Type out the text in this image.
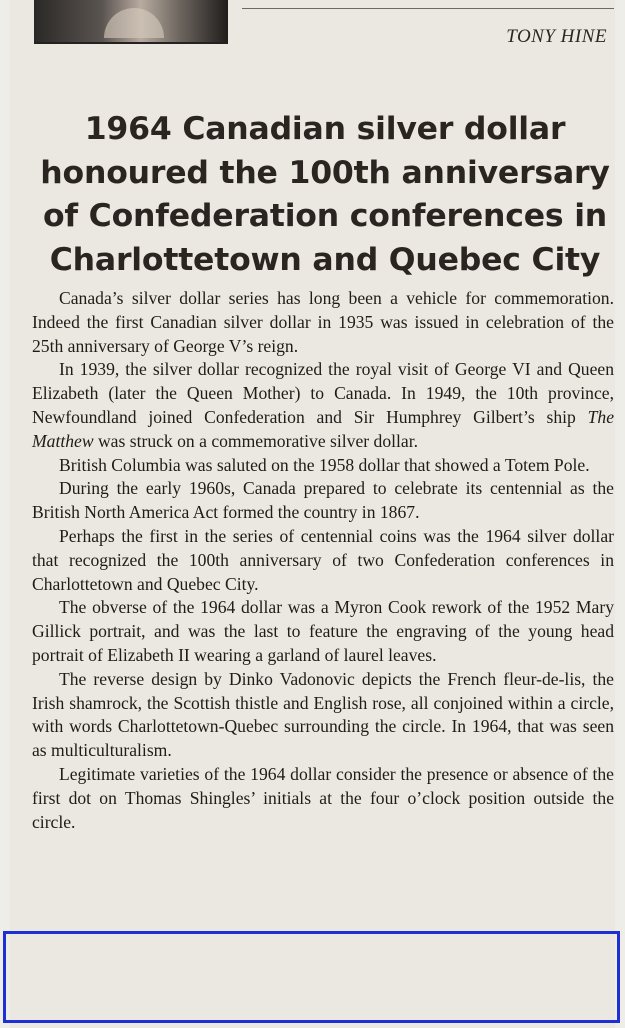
TONY HINE
1964 Canadian silver dollar honoured the 100th anniversary of Confederation conferences in Charlottetown and Quebec City

Canada’s silver dollar series has long been a vehicle for commemoration. Indeed the first Canadian silver dollar in 1935 was issued in celebration of the 25th anniversary of George V’s reign.

In 1939, the silver dollar recognized the royal visit of George VI and Queen Elizabeth (later the Queen Mother) to Canada. In 1949, the 10th province, Newfoundland joined Confederation and Sir Humphrey Gilbert’s ship The Matthew was struck on a commemorative silver dollar.

British Columbia was saluted on the 1958 dollar that showed a Totem Pole.

During the early 1960s, Canada prepared to celebrate its centennial as the British North America Act formed the country in 1867.

Perhaps the first in the series of centennial coins was the 1964 silver dollar that recognized the 100th anniversary of two Confederation conferences in Charlottetown and Quebec City.

The obverse of the 1964 dollar was a Myron Cook rework of the 1952 Mary Gillick portrait, and was the last to feature the engraving of the young head portrait of Elizabeth II wearing a garland of laurel leaves.

The reverse design by Dinko Vadonovic depicts the French fleur-de-lis, the Irish shamrock, the Scottish thistle and English rose, all conjoined within a circle, with words Charlottetown-Quebec surrounding the circle. In 1964, that was seen as multiculturalism.

Legitimate varieties of the 1964 dollar consider the presence or absence of the first dot on Thomas Shingles’ initials at the four o’clock position outside the circle.
